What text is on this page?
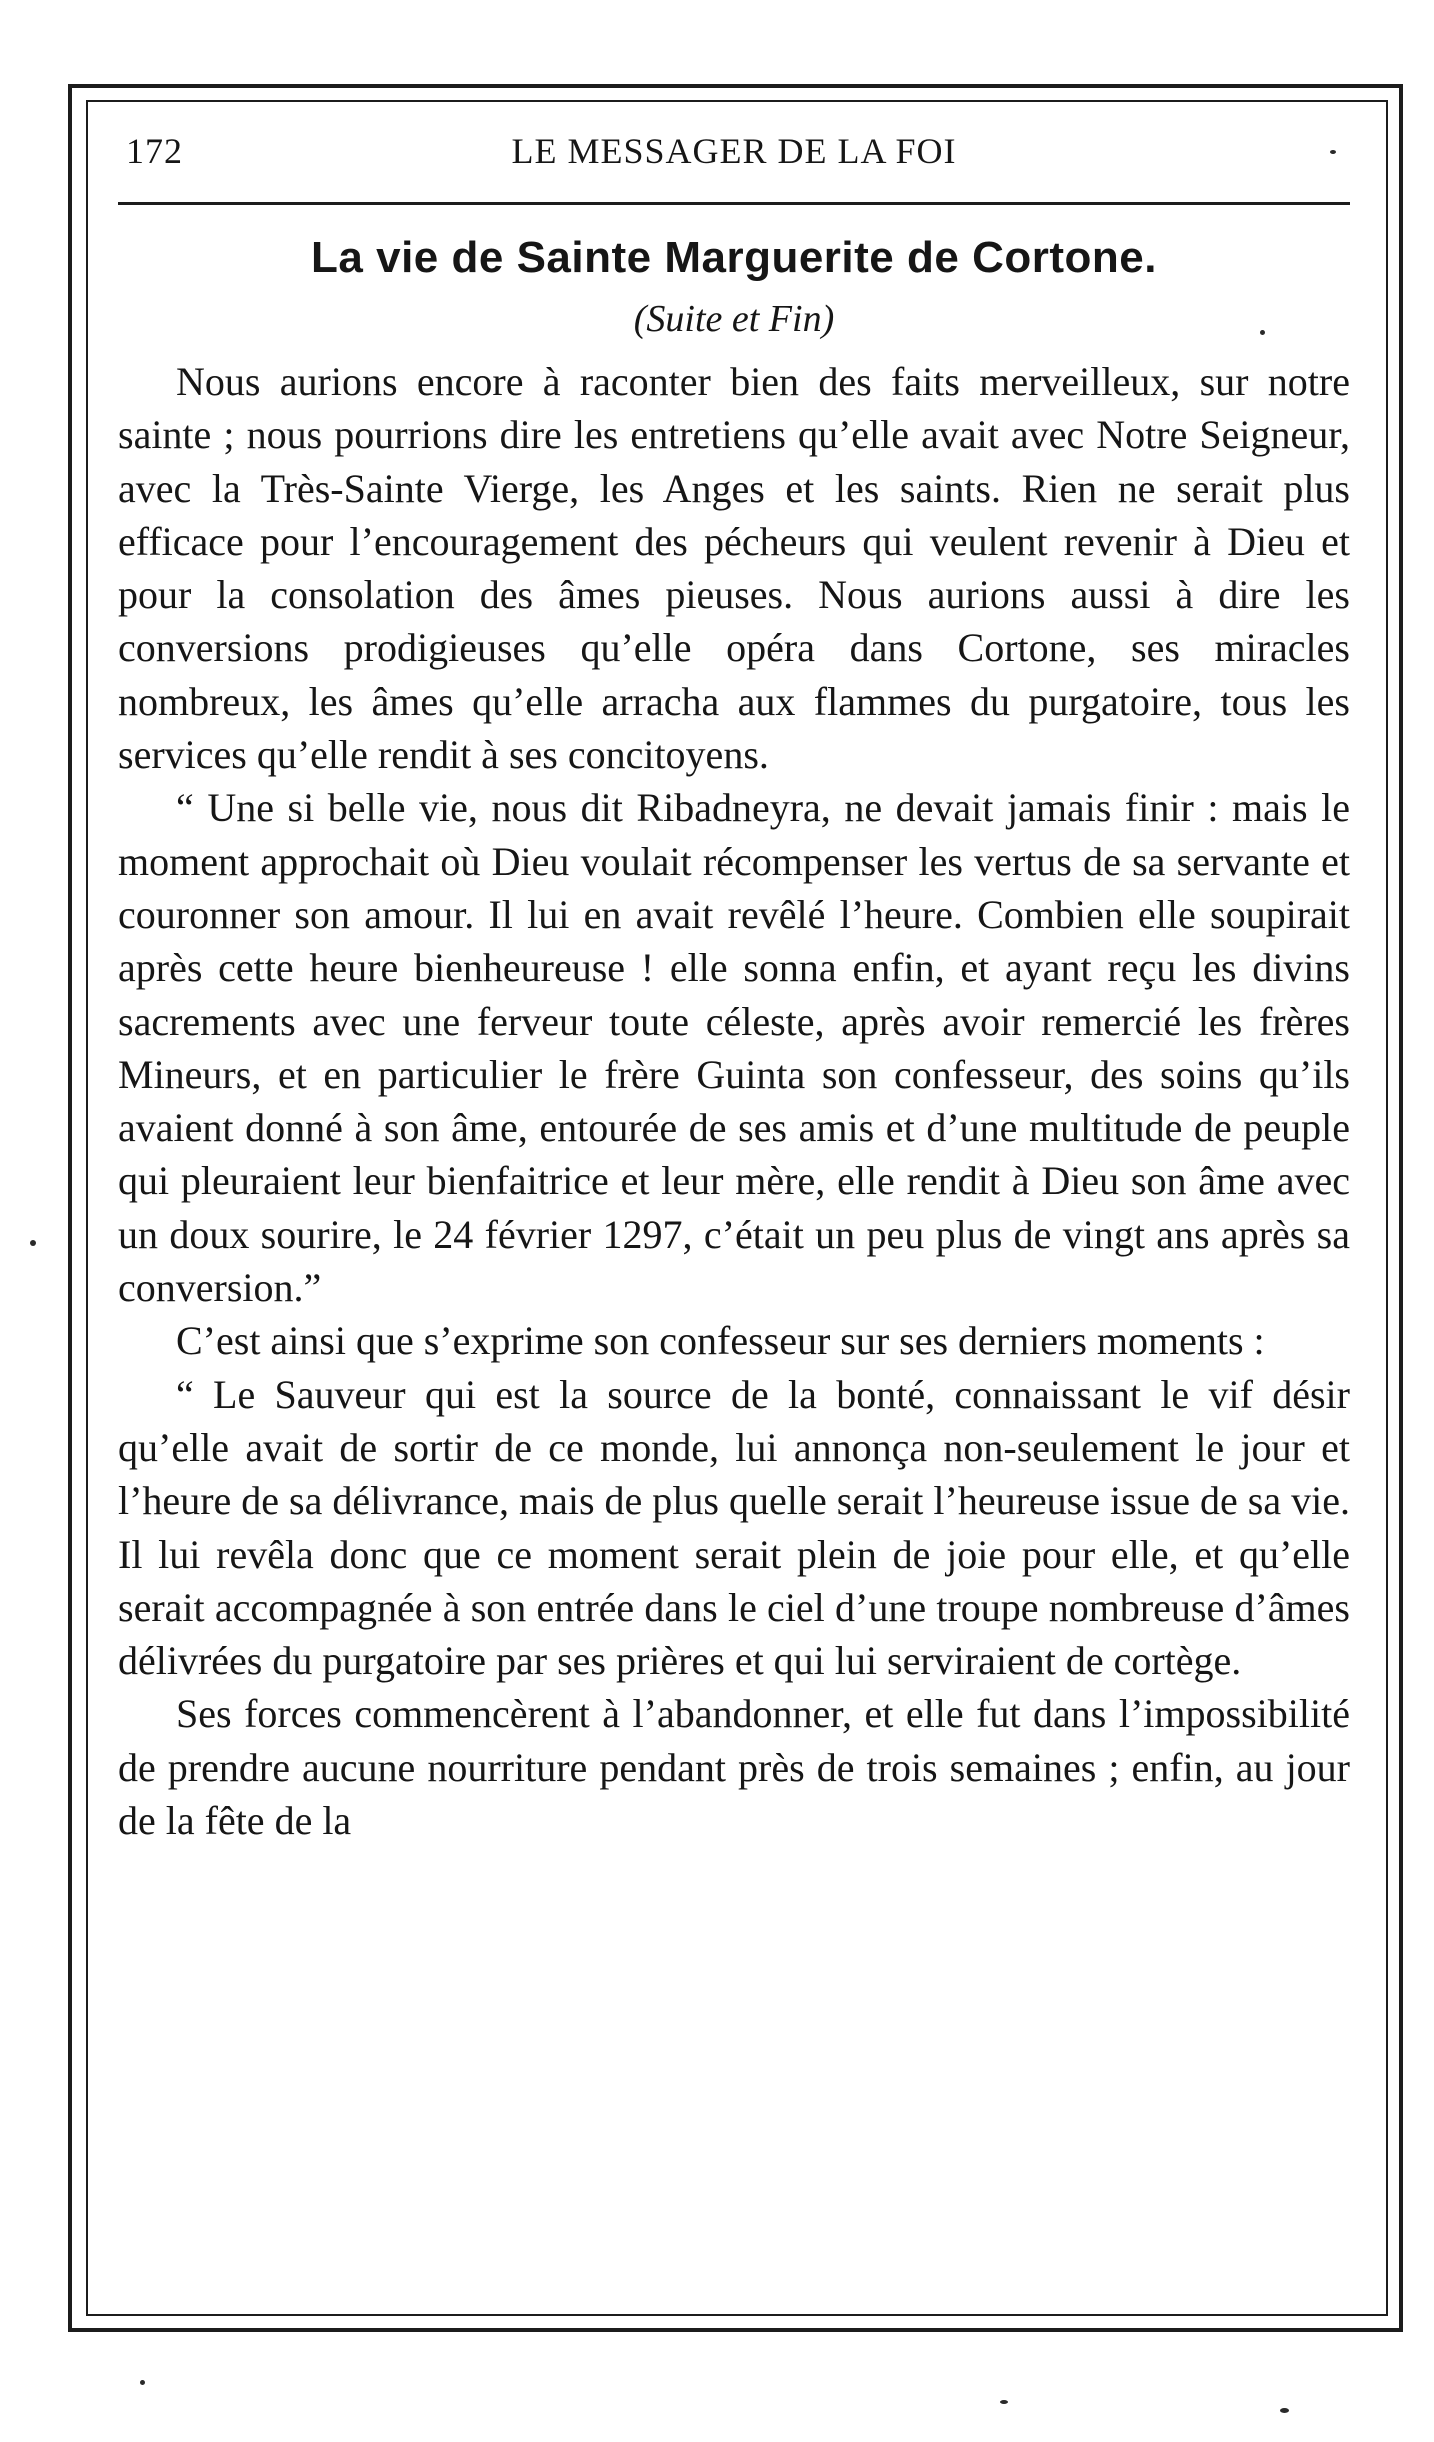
172	LE MESSAGER DE LA FOI
La vie de Sainte Marguerite de Cortone.
(Suite et Fin)

Nous aurions encore à raconter bien des faits merveilleux, sur notre sainte ; nous pourrions dire les entretiens qu’elle avait avec Notre Seigneur, avec la Très-Sainte Vierge, les Anges et les saints. Rien ne serait plus efficace pour l’encouragement des pécheurs qui veulent revenir à Dieu et pour la consolation des âmes pieuses. Nous aurions aussi à dire les conversions prodigieuses qu’elle opéra dans Cortone, ses miracles nombreux, les âmes qu’elle arracha aux flammes du purgatoire, tous les services qu’elle rendit à ses concitoyens.

“ Une si belle vie, nous dit Ribadneyra, ne devait jamais finir : mais le moment approchait où Dieu voulait récompenser les vertus de sa servante et couronner son amour. Il lui en avait revêlé l’heure. Combien elle soupirait après cette heure bienheureuse ! elle sonna enfin, et ayant reçu les divins sacrements avec une ferveur toute céleste, après avoir remercié les frères Mineurs, et en particulier le frère Guinta son confesseur, des soins qu’ils avaient donné à son âme, entourée de ses amis et d’une multitude de peuple qui pleuraient leur bienfaitrice et leur mère, elle rendit à Dieu son âme avec un doux sourire, le 24 février 1297, c’était un peu plus de vingt ans après sa conversion.”

C’est ainsi que s’exprime son confesseur sur ses derniers moments :

“ Le Sauveur qui est la source de la bonté, connaissant le vif désir qu’elle avait de sortir de ce monde, lui annonça non-seulement le jour et l’heure de sa délivrance, mais de plus quelle serait l’heureuse issue de sa vie. Il lui revêla donc que ce moment serait plein de joie pour elle, et qu’elle serait accompagnée à son entrée dans le ciel d’une troupe nombreuse d’âmes délivrées du purgatoire par ses prières et qui lui serviraient de cortège.

Ses forces commencèrent à l’abandonner, et elle fut dans l’impossibilité de prendre aucune nourriture pendant près de trois semaines ; enfin, au jour de la fête de la
